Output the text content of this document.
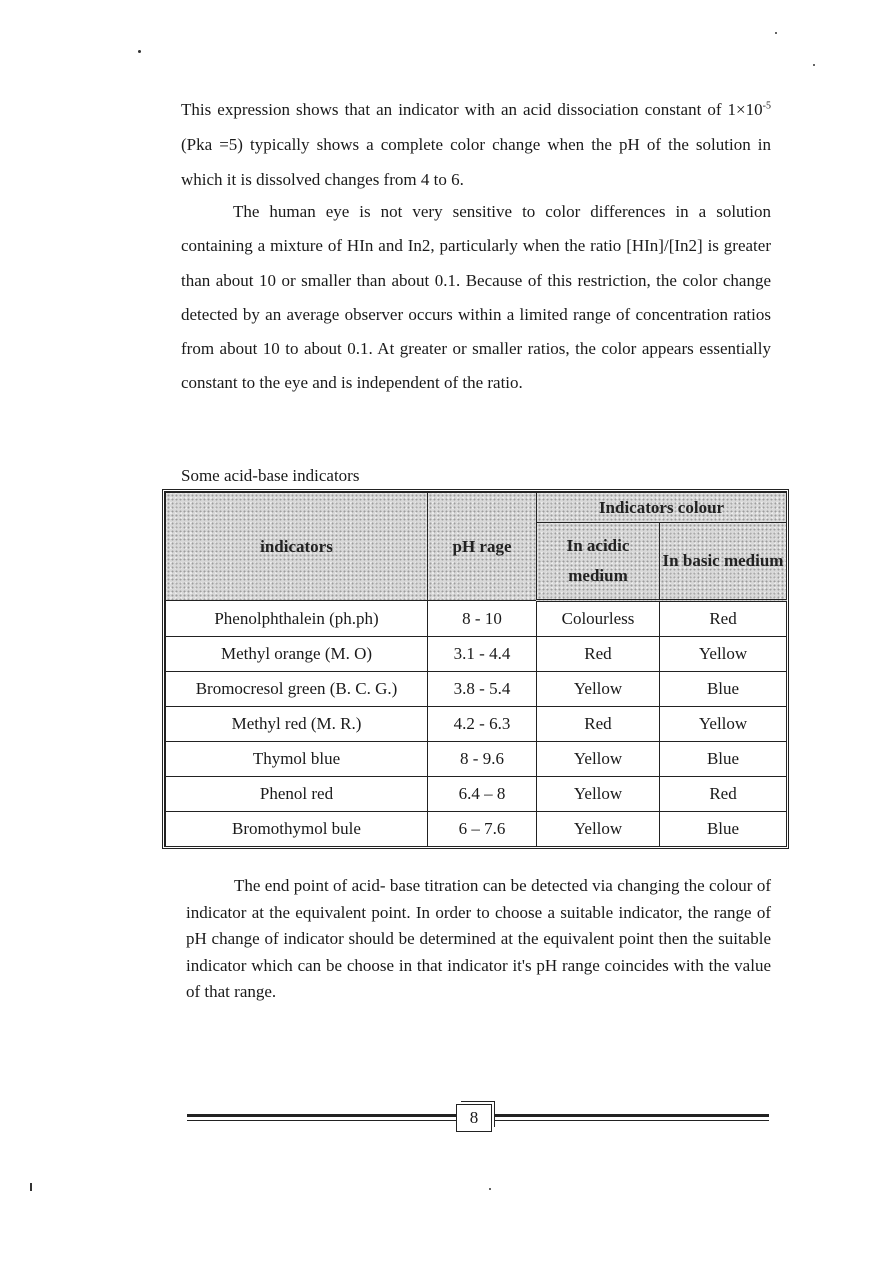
This expression shows that an indicator with an acid dissociation constant of $1\times 10^{-5}$ (Pka =5) typically shows a complete color change when the pH of the solution in which it is dissolved changes from 4 to 6.

The human eye is not very sensitive to color differences in a solution containing a mixture of HIn and In2, particularly when the ratio [HIn]/[In2] is greater than about 10 or smaller than about 0.1. Because of this restriction, the color change detected by an average observer occurs within a limited range of concentration ratios from about 10 to about 0.1. At greater or smaller ratios, the color appears essentially constant to the eye and is independent of the ratio.

Some acid-base indicators

indicators	pH rage	Indicators colour	
		In acidic medium	In basic medium
Phenolphthalein (ph.ph)	8 - 10	Colourless	Red
Methyl orange (M. O)	3.1 - 4.4	Red	Yellow
Bromocresol green (B. C. G.)	3.8 - 5.4	Yellow	Blue
Methyl red (M. R.)	4.2 - 6.3	Red	Yellow
Thymol blue	8 - 9.6	Yellow	Blue
Phenol red	6.4 – 8	Yellow	Red
Bromothymol bule	6 – 7.6	Yellow	Blue

The end point of acid- base titration can be detected via changing the colour of indicator at the equivalent point. In order to choose a suitable indicator, the range of pH change of indicator should be determined at the equivalent point then the suitable indicator which can be choose in that indicator it's pH range coincides with the value of that range.

8
